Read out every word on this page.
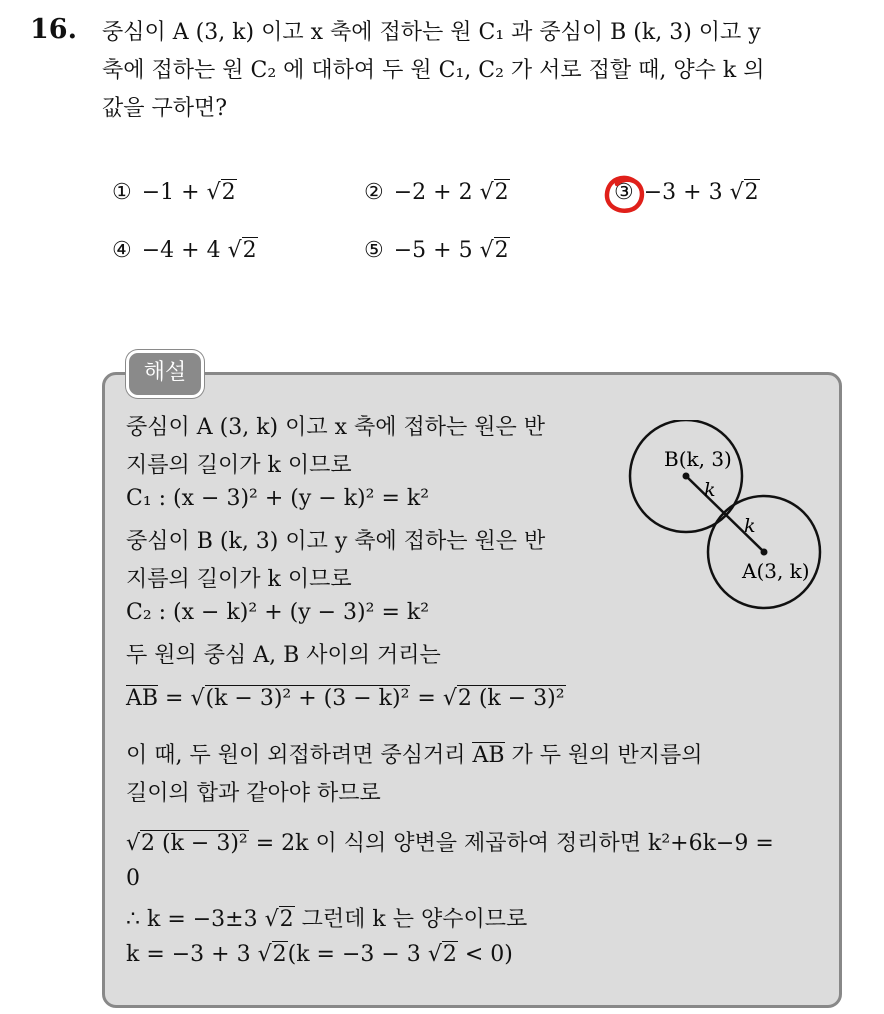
16. 중심이 A (3, k) 이고 x 축에 접하는 원 C₁ 과 중심이 B (k, 3) 이고 y
축에 접하는 원 C₂ 에 대하여 두 원 C₁, C₂ 가 서로 접할 때, 양수 k 의
값을 구하면?
① −1 + √2	② −2 + 2 √2	③ −3 + 3 √2
④ −4 + 4 √2	⑤ −5 + 5 √2
해설
중심이 A (3, k) 이고 x 축에 접하는 원은 반
지름의 길이가 k 이므로
C₁ : (x − 3)² + (y − k)² = k²
중심이 B (k, 3) 이고 y 축에 접하는 원은 반
지름의 길이가 k 이므로
C₂ : (x − k)² + (y − 3)² = k²
두 원의 중심 A, B 사이의 거리는
AB = √(k − 3)² + (3 − k)² = √2 (k − 3)²
이 때, 두 원이 외접하려면 중심거리 AB 가 두 원의 반지름의
길이의 합과 같아야 하므로
√2 (k − 3)² = 2k 이 식의 양변을 제곱하여 정리하면 k²+6k−9 =
0
∴ k = −3±3 √2 그런데 k 는 양수이므로
k = −3 + 3 √2(k = −3 − 3 √2 < 0)
B(k, 3)
A(3, k)
k
k
